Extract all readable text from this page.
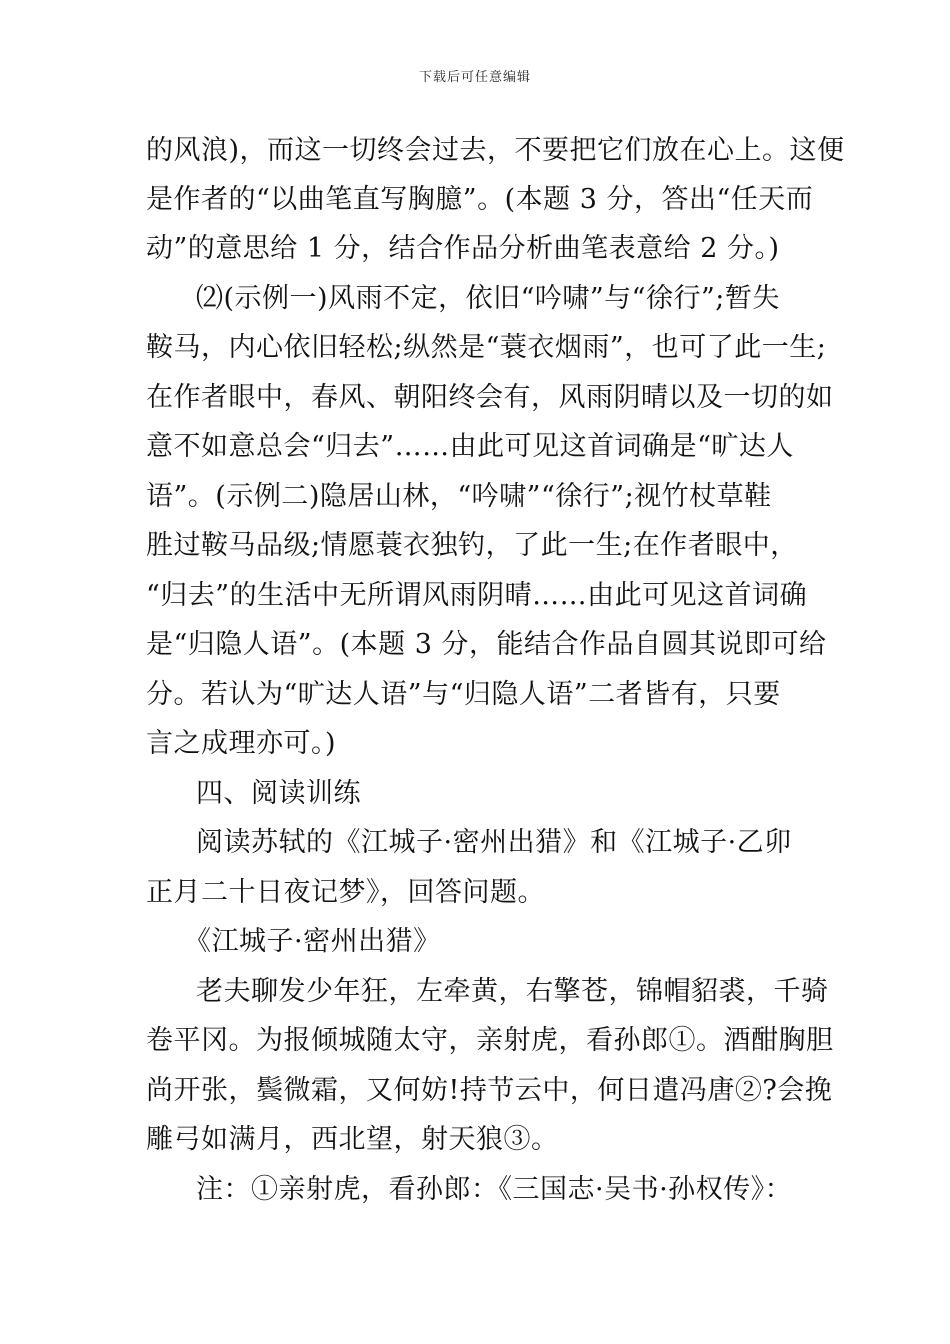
下载后可任意编辑
的风浪)，而这一切终会过去，不要把它们放在心上。这便
是作者的“以曲笔直写胸臆”。(本题 3 分，答出“任天而
动”的意思给 1 分，结合作品分析曲笔表意给 2 分。)
⑵(示例一)风雨不定，依旧“吟啸”与“徐行”;暂失
鞍马，内心依旧轻松;纵然是“蓑衣烟雨”，也可了此一生;
在作者眼中，春风、朝阳终会有，风雨阴晴以及一切的如
意不如意总会“归去”……由此可见这首词确是“旷达人
语”。(示例二)隐居山林，“吟啸”“徐行”;视竹杖草鞋
胜过鞍马品级;情愿蓑衣独钓，了此一生;在作者眼中，
“归去”的生活中无所谓风雨阴晴……由此可见这首词确
是“归隐人语”。(本题 3 分，能结合作品自圆其说即可给
分。若认为“旷达人语”与“归隐人语”二者皆有，只要
言之成理亦可。)
四、阅读训练
阅读苏轼的《江城子·密州出猎》和《江城子·乙卯
正月二十日夜记梦》，回答问题。
《江城子·密州出猎》
老夫聊发少年狂，左牵黄，右擎苍，锦帽貂裘，千骑
卷平冈。为报倾城随太守，亲射虎，看孙郎①。酒酣胸胆
尚开张，鬓微霜，又何妨!持节云中，何日遣冯唐②?会挽
雕弓如满月，西北望，射天狼③。
注：①亲射虎，看孙郎：《三国志·吴书·孙权传》：
